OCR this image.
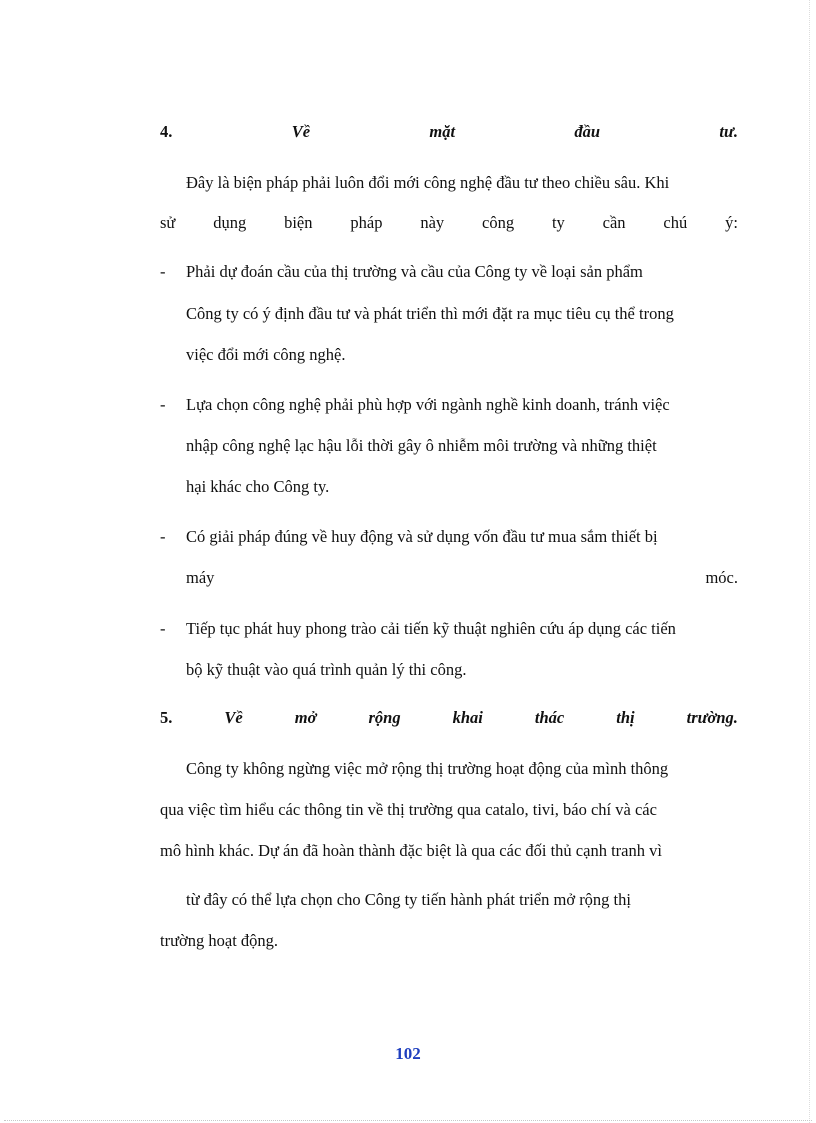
4.	Về	mặt	đầu	tư.
Đây là biện pháp phải luôn đổi mới công nghệ đầu tư theo chiều sâu. Khi
sử dụng biện pháp này công ty cần chú ý:
- Phải dự đoán cầu của thị trường và cầu của Công ty về loại sản phẩm
Công ty có ý định đầu tư và phát triển thì mới đặt ra mục tiêu cụ thể trong
việc đổi mới công nghệ.
- Lựa chọn công nghệ phải phù hợp với ngành nghề kinh doanh, tránh việc
nhập công nghệ lạc hậu lỗi thời gây ô nhiễm môi trường và những thiệt
hại khác cho Công ty.
- Có giải pháp đúng về huy động và sử dụng vốn đầu tư mua sắm thiết bị
máy	móc.
- Tiếp tục phát huy phong trào cải tiến kỹ thuật nghiên cứu áp dụng các tiến
bộ kỹ thuật vào quá trình quản lý thi công.
5.	Về	mở	rộng	khai	thác	thị	trường.
Công ty không ngừng việc mở rộng thị trường hoạt động của mình thông
qua việc tìm hiểu các thông tin về thị trường qua catalo, tivi, báo chí và các
mô hình khác. Dự án đã hoàn thành đặc biệt là qua các đối thủ cạnh tranh vì
từ đây có thể lựa chọn cho Công ty tiến hành phát triển mở rộng thị
trường hoạt động.
102
